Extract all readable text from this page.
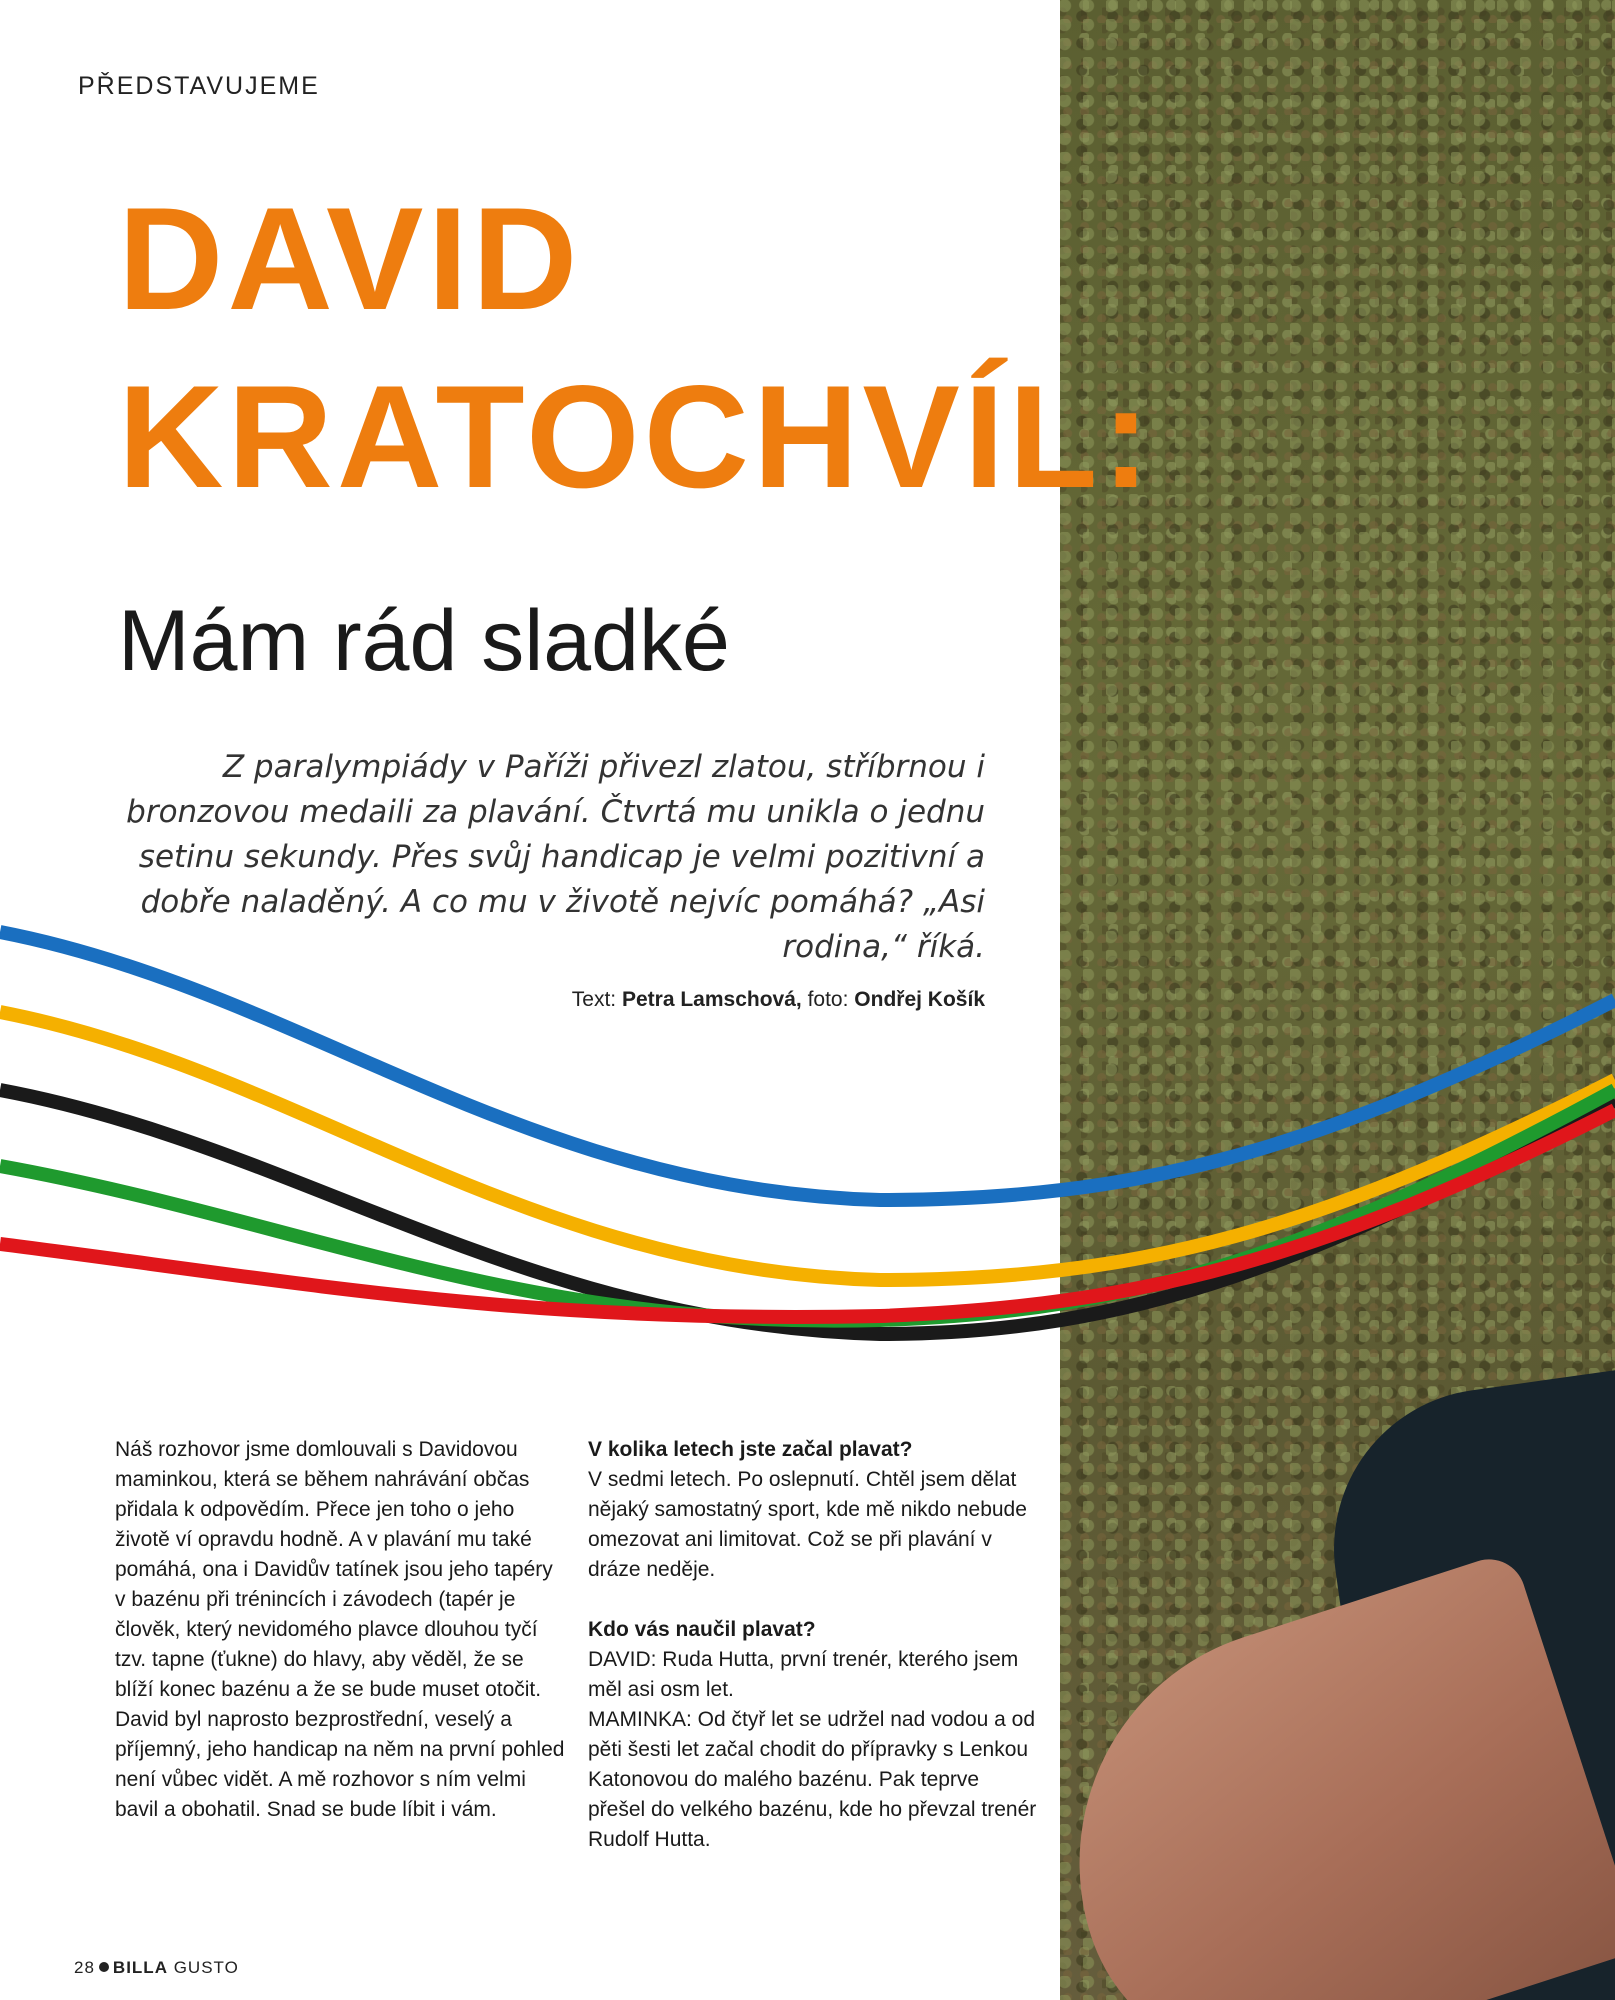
PŘEDSTAVUJEME

DAVID
KRATOCHVÍL:
Mám rád sladké

Z paralympiády v Paříži přivezl zlatou, stříbrnou i bronzovou medaili za plavání. Čtvrtá mu unikla o jednu setinu sekundy. Přes svůj handicap je velmi pozitivní a dobře naladěný. A co mu v životě nejvíc pomáhá? „Asi rodina,“ říká.

Text: Petra Lamschová, foto: Ondřej Košík

Náš rozhovor jsme domlouvali s Davidovou maminkou, která se během nahrávání občas přidala k odpovědím. Přece jen toho o jeho životě ví opravdu hodně. A v plavání mu také pomáhá, ona i Davidův tatínek jsou jeho tapéry v bazénu při trénincích i závodech (tapér je člověk, který nevidomého plavce dlouhou tyčí tzv. tapne (ťukne) do hlavy, aby věděl, že se blíží konec bazénu a že se bude muset otočit. David byl naprosto bezprostřední, veselý a příjemný, jeho handicap na něm na první pohled není vůbec vidět. A mě rozhovor s ním velmi bavil a obohatil. Snad se bude líbit i vám.

V kolika letech jste začal plavat?

V sedmi letech. Po oslepnutí. Chtěl jsem dělat nějaký samostatný sport, kde mě nikdo nebude omezovat ani limitovat. Což se při plavání v dráze neděje.

Kdo vás naučil plavat?

DAVID: Ruda Hutta, první trenér, kterého jsem měl asi osm let.

MAMINKA: Od čtyř let se udržel nad vodou a od pěti šesti let začal chodit do přípravky s Lenkou Katonovou do malého bazénu. Pak teprve přešel do velkého bazénu, kde ho převzal trenér Rudolf Hutta.

28 BILLA GUSTO
